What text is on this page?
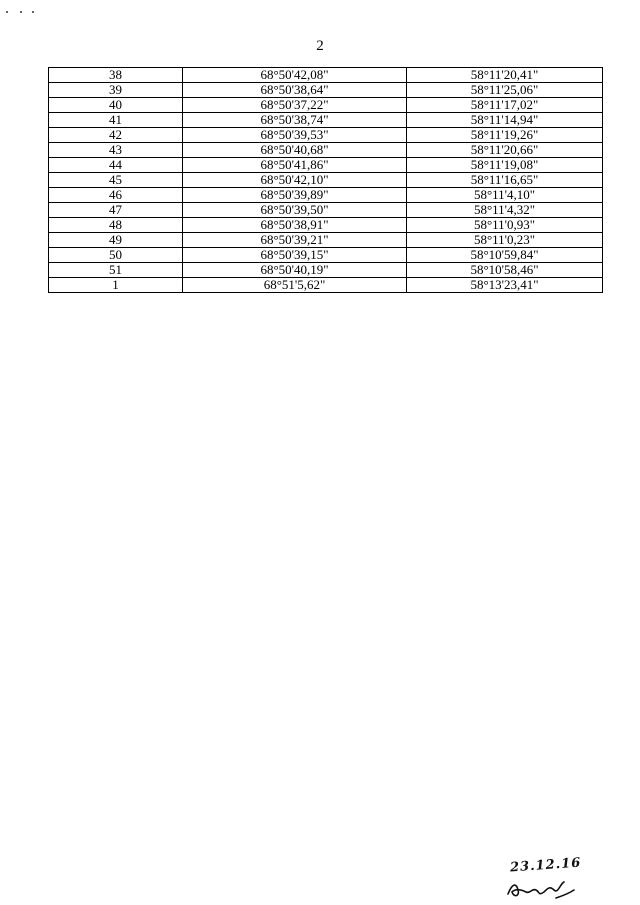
2
38	68°50'42,08"	58°11'20,41"
39	68°50'38,64"	58°11'25,06"
40	68°50'37,22"	58°11'17,02"
41	68°50'38,74"	58°11'14,94"
42	68°50'39,53"	58°11'19,26"
43	68°50'40,68"	58°11'20,66"
44	68°50'41,86"	58°11'19,08"
45	68°50'42,10"	58°11'16,65"
46	68°50'39,89"	58°11'4,10"
47	68°50'39,50"	58°11'4,32"
48	68°50'38,91"	58°11'0,93"
49	68°50'39,21"	58°11'0,23"
50	68°50'39,15"	58°10'59,84"
51	68°50'40,19"	58°10'58,46"
1	68°51'5,62"	58°13'23,41"
23.12.16
